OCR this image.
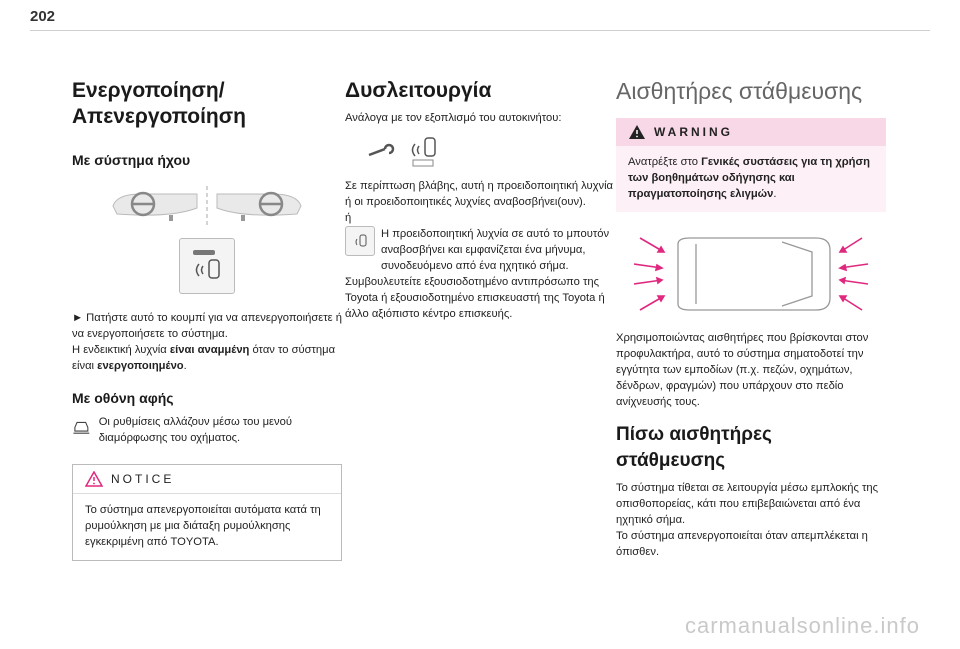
202
Ενεργοποίηση/
Απενεργοποίηση
Με σύστημα ήχου

► Πατήστε αυτό το κουμπί για να απενεργοποιήσετε ή να ενεργοποιήσετε το σύστημα.

Η ενδεικτική λυχνία είναι αναμμένη όταν το σύστημα είναι ενεργοποιημένο.

Με οθόνη αφής

Οι ρυθμίσεις αλλάζουν μέσω του μενού διαμόρφωσης του οχήματος.

NOTICE

Το σύστημα απενεργοποιείται αυτόματα κατά τη ρυμούλκηση με μια διάταξη ρυμούλκησης εγκεκριμένη από TOYOTA.

Δυσλειτουργία

Ανάλογα με τον εξοπλισμό του αυτοκινήτου:

Σε περίπτωση βλάβης, αυτή η προειδοποιητική λυχνία ή οι προειδοποιητικές λυχνίες αναβοσβήνει(ουν).

ή

Η προειδοποιητική λυχνία σε αυτό το μπουτόν αναβοσβήνει και εμφανίζεται ένα μήνυμα, συνοδευόμενο από ένα ηχητικό σήμα.

Συμβουλευτείτε εξουσιοδοτημένο αντιπρόσωπο της Toyota ή εξουσιοδοτημένο επισκευαστή της Toyota ή άλλο αξιόπιστο κέντρο επισκευής.

Αισθητήρες στάθμευσης
WARNING

Ανατρέξτε στο Γενικές συστάσεις για τη χρήση των βοηθημάτων οδήγησης και πραγματοποίησης ελιγμών.

Χρησιμοποιώντας αισθητήρες που βρίσκονται στον προφυλακτήρα, αυτό το σύστημα σηματοδοτεί την εγγύτητα των εμποδίων (π.χ. πεζών, οχημάτων, δένδρων, φραγμών) που υπάρχουν στο πεδίο ανίχνευσής τους.

Πίσω αισθητήρες στάθμευσης

Το σύστημα τίθεται σε λειτουργία μέσω εμπλοκής της οπισθοπορείας, κάτι που επιβεβαιώνεται από ένα ηχητικό σήμα.

Το σύστημα απενεργοποιείται όταν απεμπλέκεται η όπισθεν.

carmanualsonline.info
